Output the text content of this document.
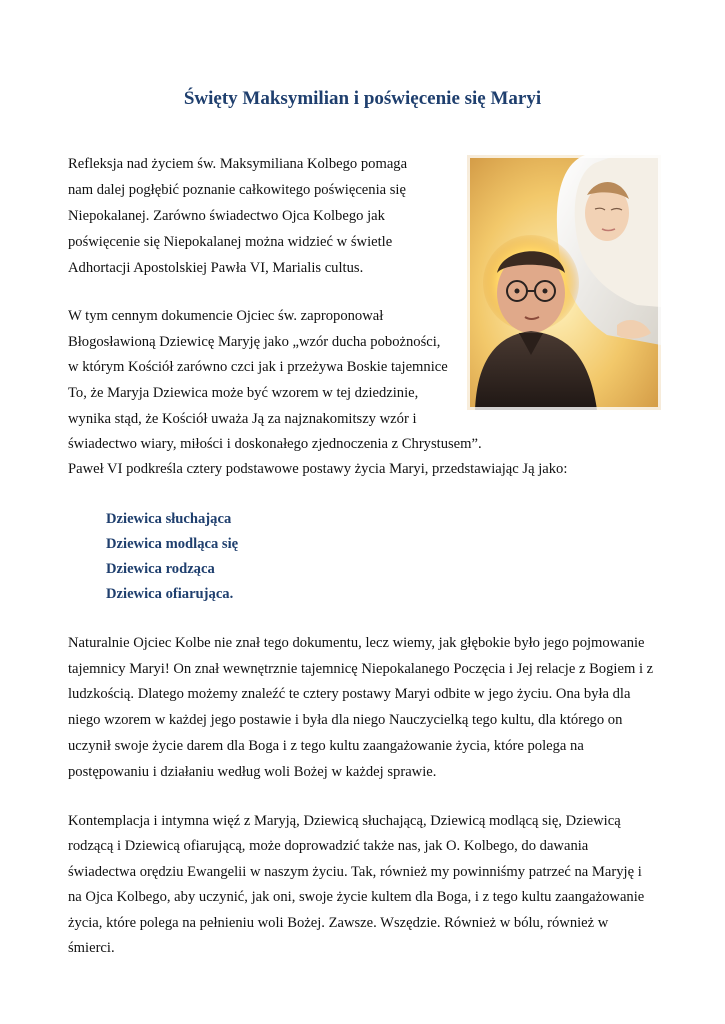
Święty Maksymilian i poświęcenie się Maryi
Refleksja nad życiem św. Maksymiliana Kolbego pomaga
nam dalej pogłębić poznanie całkowitego poświęcenia się
Niepokalanej. Zarówno świadectwo Ojca Kolbego jak
poświęcenie się Niepokalanej można widzieć w świetle
Adhortacji Apostolskiej Pawła VI, Marialis cultus.
W tym cennym dokumencie Ojciec św. zaproponował
Błogosławioną Dziewicę Maryję jako „wzór ducha pobożności,
w którym Kościół zarówno czci jak i przeżywa Boskie tajemnice
To, że Maryja Dziewica może być wzorem w tej dziedzinie,
wynika stąd, że Kościół uważa Ją za najznakomitszy wzór i
świadectwo wiary, miłości i doskonałego zjednoczenia z Chrystusem”.
Paweł VI podkreśla cztery podstawowe postawy życia Maryi, przedstawiając Ją jako:
Dziewica słuchająca
Dziewica modląca się
Dziewica rodząca
Dziewica ofiarująca.
Naturalnie Ojciec Kolbe nie znał tego dokumentu, lecz wiemy, jak głębokie było jego pojmowanie
tajemnicy Maryi! On znał wewnętrznie tajemnicę Niepokalanego Poczęcia i Jej relacje z Bogiem i z
ludzkością. Dlatego możemy znaleźć te cztery postawy Maryi odbite w jego życiu. Ona była dla
niego wzorem w każdej jego postawie i była dla niego Nauczycielką tego kultu, dla którego on
uczynił swoje życie darem dla Boga i z tego kultu zaangażowanie życia, które polega na
postępowaniu i działaniu według woli Bożej w każdej sprawie.
Kontemplacja i intymna więź z Maryją, Dziewicą słuchającą, Dziewicą modlącą się, Dziewicą
rodzącą i Dziewicą ofiarującą, może doprowadzić także nas, jak O. Kolbego, do dawania
świadectwa orędziu Ewangelii w naszym życiu. Tak, również my powinniśmy patrzeć na Maryję i
na Ojca Kolbego, aby uczynić, jak oni, swoje życie kultem dla Boga, i z tego kultu zaangażowanie
życia, które polega na pełnieniu woli Bożej. Zawsze. Wszędzie. Również w bólu, również w
śmierci.
